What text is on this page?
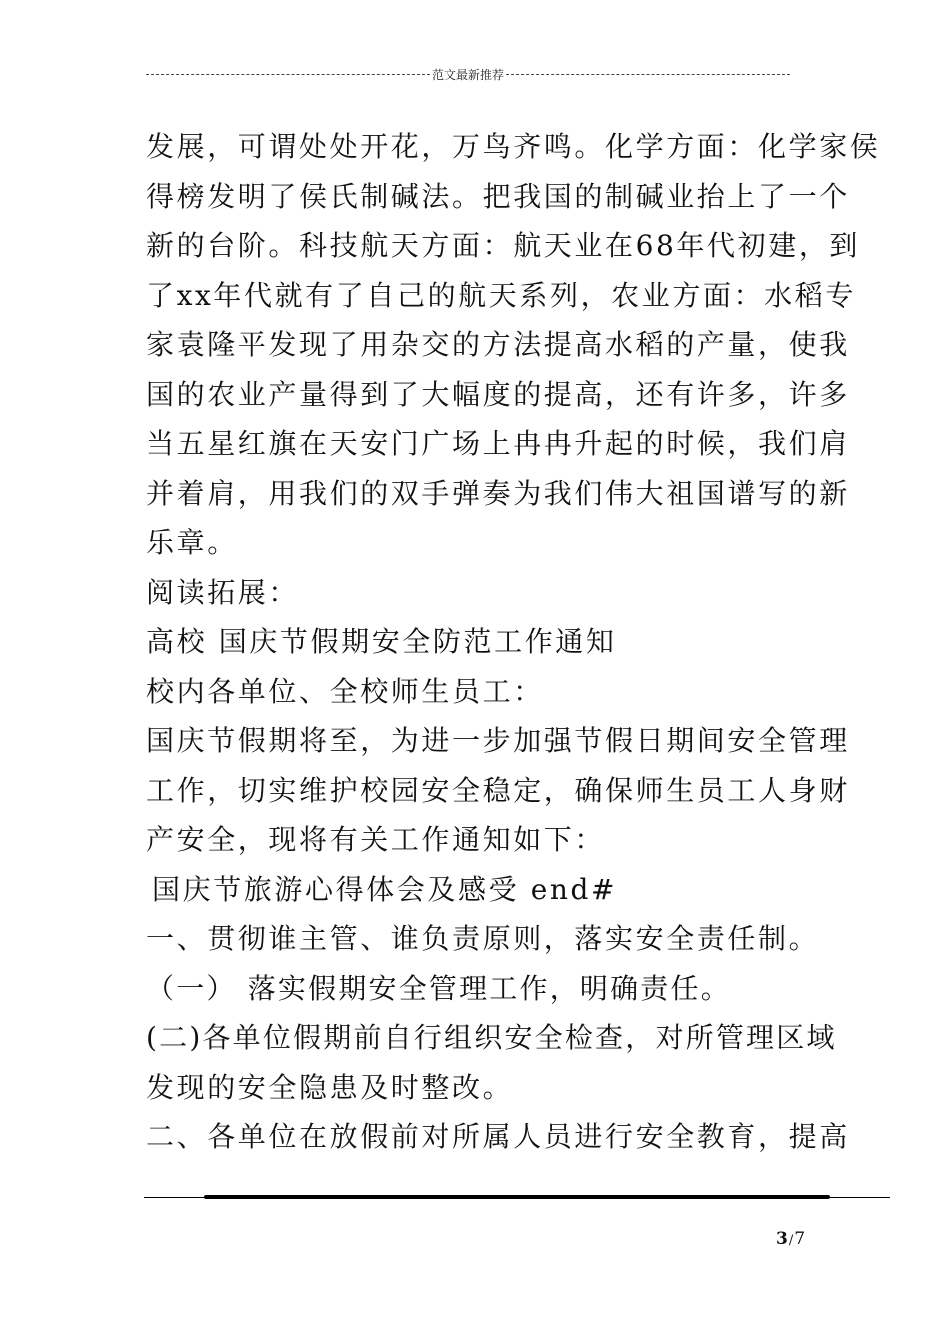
范文最新推荐
发展，可谓处处开花，万鸟齐鸣。化学方面：化学家侯
得榜发明了侯氏制碱法。把我国的制碱业抬上了一个
新的台阶。科技航天方面：航天业在68年代初建，到
了xx年代就有了自己的航天系列，农业方面：水稻专
家袁隆平发现了用杂交的方法提高水稻的产量，使我
国的农业产量得到了大幅度的提高，还有许多，许多
当五星红旗在天安门广场上冉冉升起的时候，我们肩
并着肩，用我们的双手弹奏为我们伟大祖国谱写的新
乐章。
阅读拓展：
高校 国庆节假期安全防范工作通知
校内各单位、全校师生员工：
国庆节假期将至，为进一步加强节假日期间安全管理
工作，切实维护校园安全稳定，确保师生员工人身财
产安全，现将有关工作通知如下：
国庆节旅游心得体会及感受 end#
一、贯彻谁主管、谁负责原则，落实安全责任制。
（一） 落实假期安全管理工作，明确责任。
(二)各单位假期前自行组织安全检查，对所管理区域
发现的安全隐患及时整改。
二、各单位在放假前对所属人员进行安全教育，提高
3/7
